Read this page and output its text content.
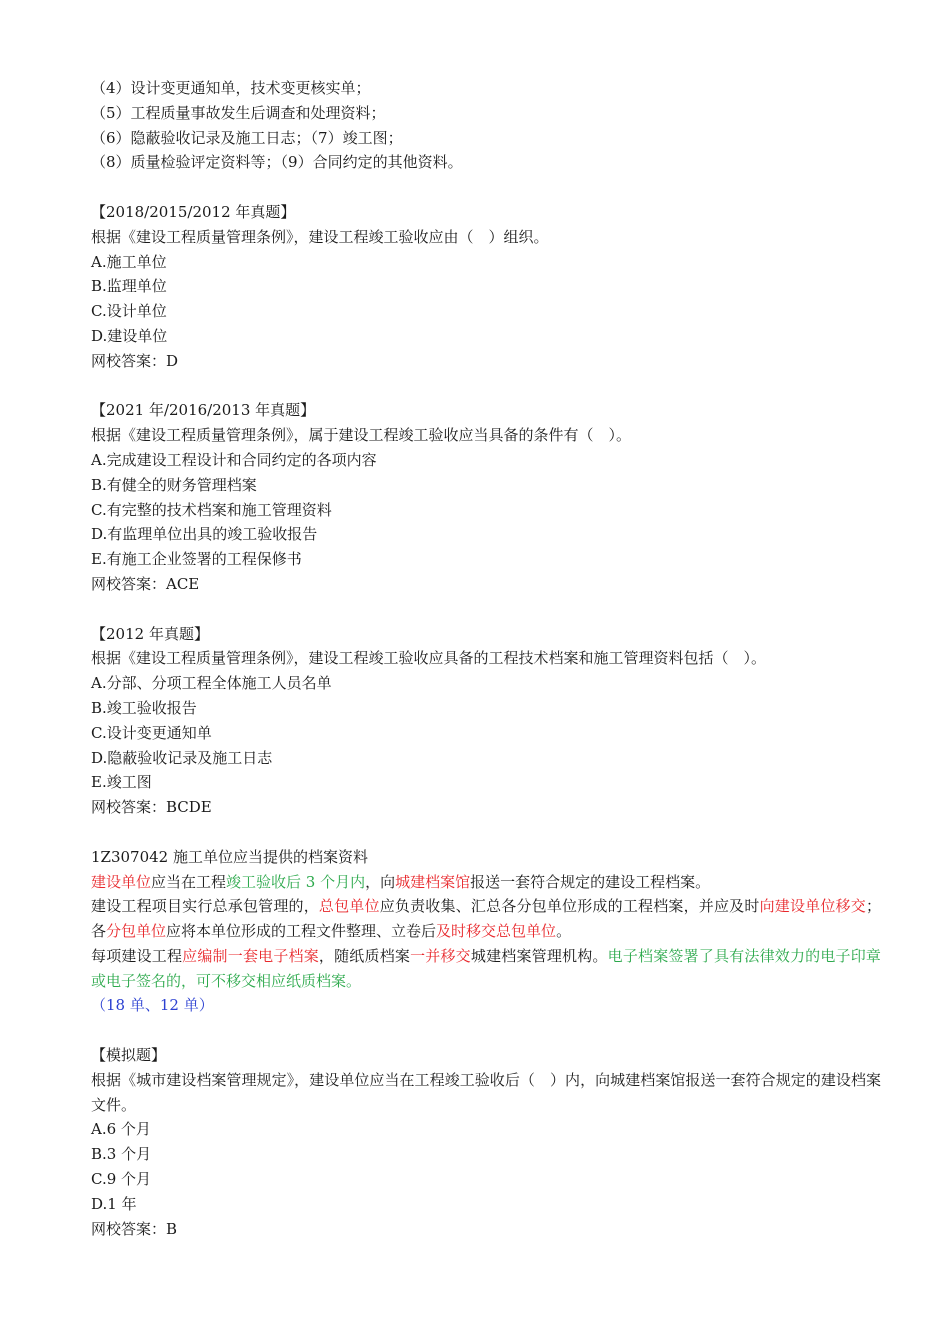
（4）设计变更通知单，技术变更核实单；
（5）工程质量事故发生后调查和处理资料；
（6）隐蔽验收记录及施工日志；（7）竣工图；
（8）质量检验评定资料等；（9）合同约定的其他资料。
【2018/2015/2012 年真题】
根据《建设工程质量管理条例》，建设工程竣工验收应由（　）组织。
A.施工单位
B.监理单位
C.设计单位
D.建设单位
网校答案：D
【2021 年/2016/2013 年真题】
根据《建设工程质量管理条例》，属于建设工程竣工验收应当具备的条件有（　）。
A.完成建设工程设计和合同约定的各项内容
B.有健全的财务管理档案
C.有完整的技术档案和施工管理资料
D.有监理单位出具的竣工验收报告
E.有施工企业签署的工程保修书
网校答案：ACE
【2012 年真题】
根据《建设工程质量管理条例》，建设工程竣工验收应具备的工程技术档案和施工管理资料包括（　）。
A.分部、分项工程全体施工人员名单
B.竣工验收报告
C.设计变更通知单
D.隐蔽验收记录及施工日志
E.竣工图
网校答案：BCDE
1Z307042 施工单位应当提供的档案资料
建设单位应当在工程竣工验收后 3 个月内，向城建档案馆报送一套符合规定的建设工程档案。
建设工程项目实行总承包管理的，总包单位应负责收集、汇总各分包单位形成的工程档案，并应及时向建设单位移交；各分包单位应将本单位形成的工程文件整理、立卷后及时移交总包单位。
每项建设工程应编制一套电子档案，随纸质档案一并移交城建档案管理机构。电子档案签署了具有法律效力的电子印章或电子签名的，可不移交相应纸质档案。
（18 单、12 单）
【模拟题】
根据《城市建设档案管理规定》，建设单位应当在工程竣工验收后（　）内，向城建档案馆报送一套符合规定的建设档案文件。
A.6 个月
B.3 个月
C.9 个月
D.1 年
网校答案：B
